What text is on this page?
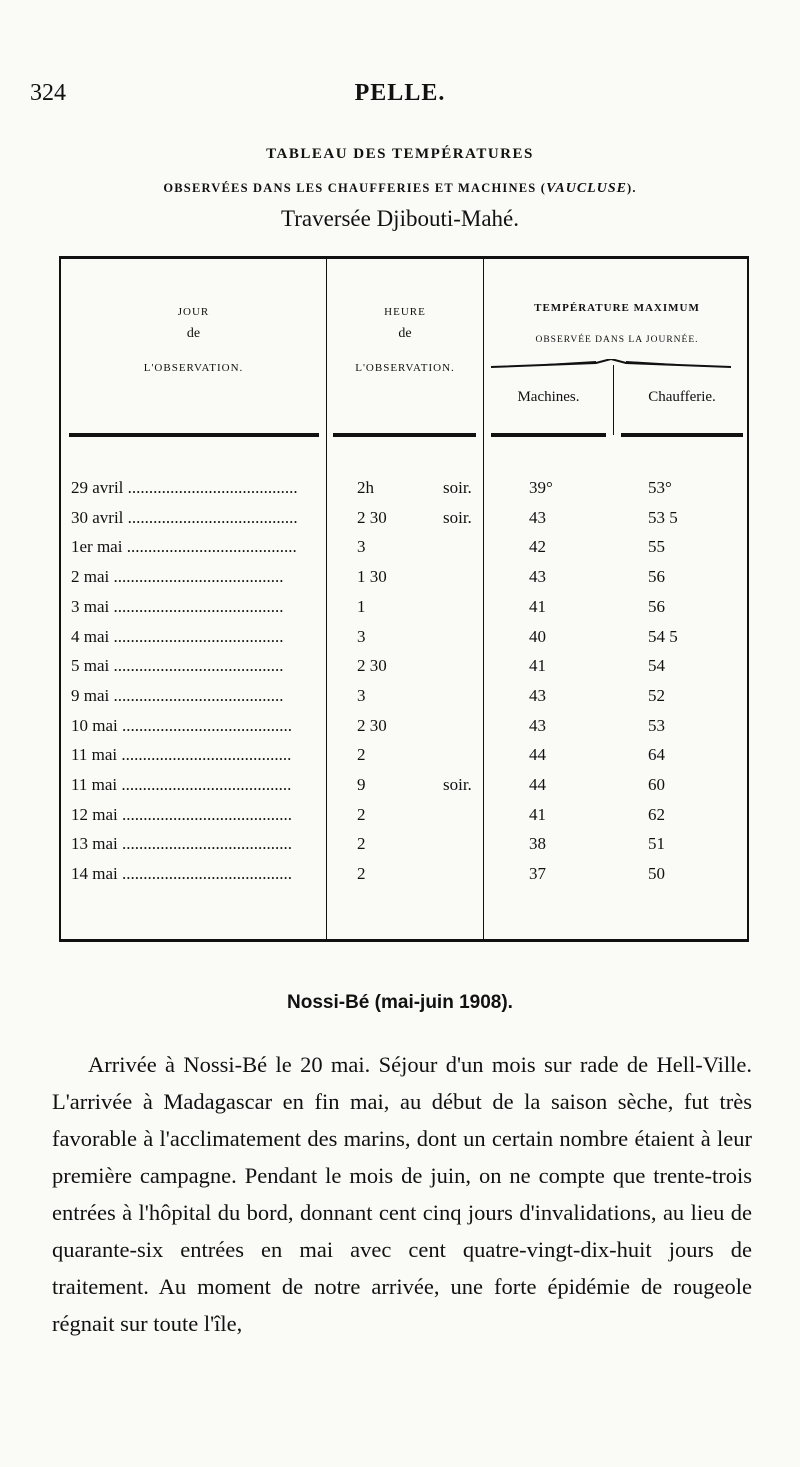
324	PELLE.
TABLEAU DES TEMPÉRATURES
OBSERVÉES DANS LES CHAUFFERIES ET MACHINES (VAUCLUSE).
Traversée Djibouti-Mahé.
JOUR
de
L'OBSERVATION.
HEURE
de
L'OBSERVATION.
TEMPÉRATURE MAXIMUM
OBSERVÉE DANS LA JOURNÉE.
Machines.	Chaufferie.
29 avril ........................................	2h	soir.	39°	53°
30 avril ........................................	2 30	soir.	43	53 5
1er mai ........................................	3	42	55
2 mai ........................................	1 30	43	56
3 mai ........................................	1	41	56
4 mai ........................................	3	40	54 5
5 mai ........................................	2 30	41	54
9 mai ........................................	3	43	52
10 mai ........................................	2 30	43	53
11 mai ........................................	2	44	64
11 mai ........................................	9	soir.	44	60
12 mai ........................................	2	41	62
13 mai ........................................	2	38	51
14 mai ........................................	2	37	50
Nossi-Bé (mai-juin 1908).
Arrivée à Nossi-Bé le 20 mai. Séjour d'un mois sur rade de Hell-Ville. L'arrivée à Madagascar en fin mai, au début de la saison sèche, fut très favorable à l'acclimatement des marins, dont un certain nombre étaient à leur première campagne. Pendant le mois de juin, on ne compte que trente-trois entrées à l'hôpital du bord, donnant cent cinq jours d'invalidations, au lieu de quarante-six entrées en mai avec cent quatre-vingt-dix-huit jours de traitement. Au moment de notre arrivée, une forte épidémie de rougeole régnait sur toute l'île,
